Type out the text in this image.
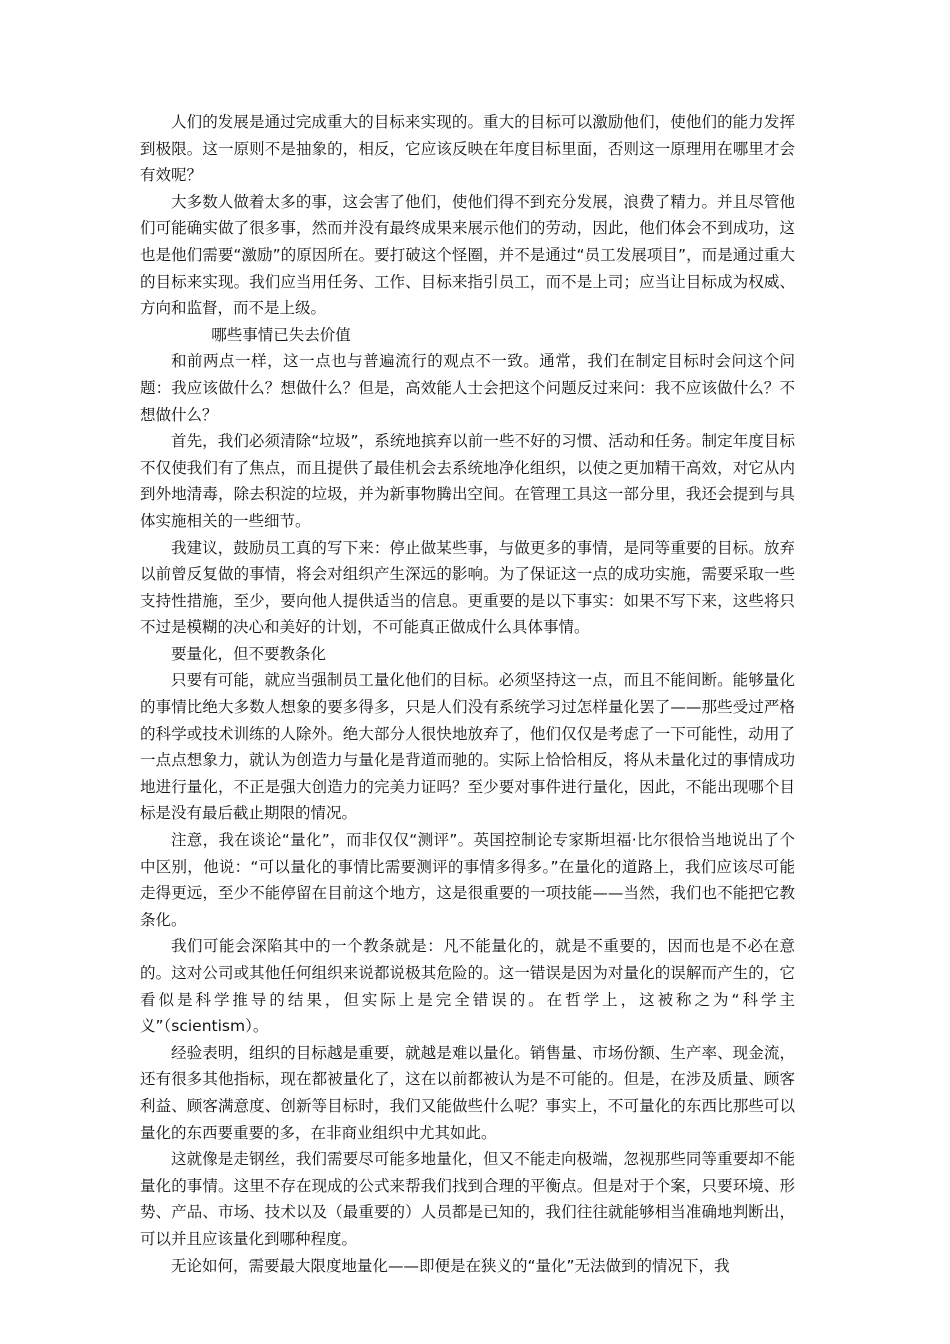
人们的发展是通过完成重大的目标来实现的。重大的目标可以激励他们，使他们的能力发挥到极限。这一原则不是抽象的，相反，它应该反映在年度目标里面，否则这一原理用在哪里才会有效呢？

大多数人做着太多的事，这会害了他们，使他们得不到充分发展，浪费了精力。并且尽管他们可能确实做了很多事，然而并没有最终成果来展示他们的劳动，因此，他们体会不到成功，这也是他们需要“激励”的原因所在。要打破这个怪圈，并不是通过“员工发展项目”，而是通过重大的目标来实现。我们应当用任务、工作、目标来指引员工，而不是上司；应当让目标成为权威、方向和监督，而不是上级。

哪些事情已失去价值

和前两点一样，这一点也与普遍流行的观点不一致。通常，我们在制定目标时会问这个问题：我应该做什么？想做什么？但是，高效能人士会把这个问题反过来问：我不应该做什么？不想做什么？

首先，我们必须清除“垃圾”，系统地摈弃以前一些不好的习惯、活动和任务。制定年度目标不仅使我们有了焦点，而且提供了最佳机会去系统地净化组织，以使之更加精干高效，对它从内到外地清毒，除去积淀的垃圾，并为新事物腾出空间。在管理工具这一部分里，我还会提到与具体实施相关的一些细节。

我建议，鼓励员工真的写下来：停止做某些事，与做更多的事情，是同等重要的目标。放弃以前曾反复做的事情，将会对组织产生深远的影响。为了保证这一点的成功实施，需要采取一些支持性措施，至少，要向他人提供适当的信息。更重要的是以下事实：如果不写下来，这些将只不过是模糊的决心和美好的计划，不可能真正做成什么具体事情。

要量化，但不要教条化

只要有可能，就应当强制员工量化他们的目标。必须坚持这一点，而且不能间断。能够量化的事情比绝大多数人想象的要多得多，只是人们没有系统学习过怎样量化罢了——那些受过严格的科学或技术训练的人除外。绝大部分人很快地放弃了，他们仅仅是考虑了一下可能性，动用了一点点想象力，就认为创造力与量化是背道而驰的。实际上恰恰相反，将从未量化过的事情成功地进行量化，不正是强大创造力的完美力证吗？至少要对事件进行量化，因此，不能出现哪个目标是没有最后截止期限的情况。

注意，我在谈论“量化”，而非仅仅“测评”。英国控制论专家斯坦福·比尔很恰当地说出了个中区别，他说：“可以量化的事情比需要测评的事情多得多。”在量化的道路上，我们应该尽可能走得更远，至少不能停留在目前这个地方，这是很重要的一项技能——当然，我们也不能把它教条化。

我们可能会深陷其中的一个教条就是：凡不能量化的，就是不重要的，因而也是不必在意的。这对公司或其他任何组织来说都说极其危险的。这一错误是因为对量化的误解而产生的，它看似是科学推导的结果，但实际上是完全错误的。在哲学上，这被称之为“科学主义”（scientism）。

经验表明，组织的目标越是重要，就越是难以量化。销售量、市场份额、生产率、现金流，还有很多其他指标，现在都被量化了，这在以前都被认为是不可能的。但是，在涉及质量、顾客利益、顾客满意度、创新等目标时，我们又能做些什么呢？事实上，不可量化的东西比那些可以量化的东西要重要的多，在非商业组织中尤其如此。

这就像是走钢丝，我们需要尽可能多地量化，但又不能走向极端，忽视那些同等重要却不能量化的事情。这里不存在现成的公式来帮我们找到合理的平衡点。但是对于个案，只要环境、形势、产品、市场、技术以及（最重要的）人员都是已知的，我们往往就能够相当准确地判断出，可以并且应该量化到哪种程度。

无论如何，需要最大限度地量化——即便是在狭义的“量化”无法做到的情况下，我
